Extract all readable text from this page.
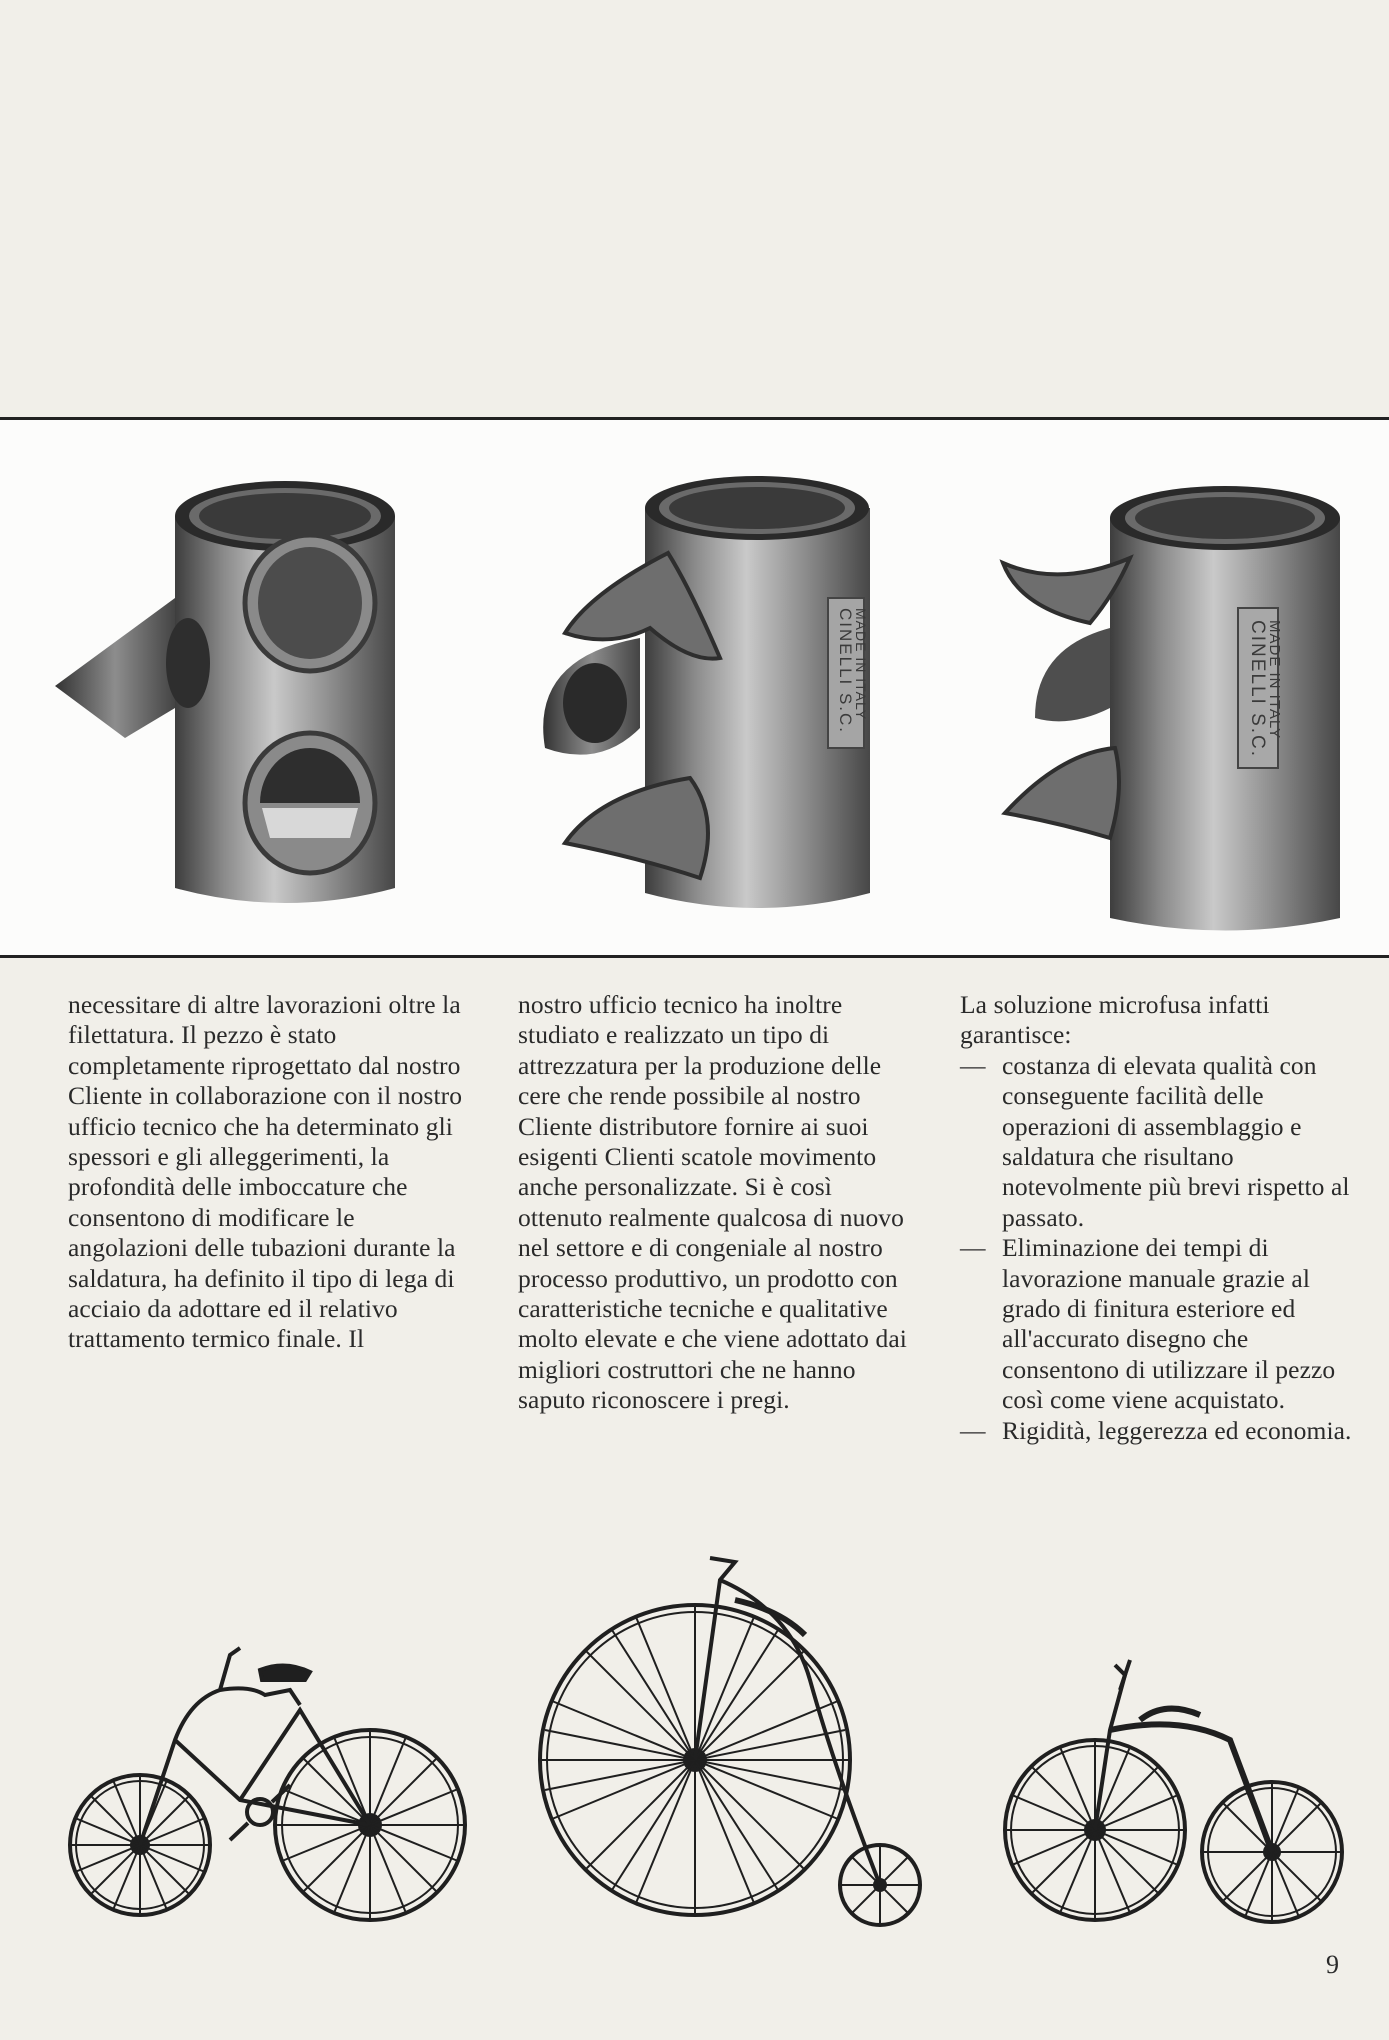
CINELLI S.C.
MADE IN ITALY	CINELLI S.C.
MADE IN ITALY

necessitare di altre lavorazioni oltre la filettatura. Il pezzo è stato completamente riprogettato dal nostro Cliente in collaborazione con il nostro ufficio tecnico che ha determinato gli spessori e gli alleggerimenti, la profondità delle imboccature che consentono di modificare le angolazioni delle tubazioni durante la saldatura, ha definito il tipo di lega di acciaio da adottare ed il relativo trattamento termico finale. Il

nostro ufficio tecnico ha inoltre studiato e realizzato un tipo di attrezzatura per la produzione delle cere che rende possibile al nostro Cliente distributore fornire ai suoi esigenti Clienti scatole movimento anche personalizzate. Si è così ottenuto realmente qualcosa di nuovo nel settore e di congeniale al nostro processo produttivo, un prodotto con caratteristiche tecniche e qualitative molto elevate e che viene adottato dai migliori costruttori che ne hanno saputo riconoscere i pregi.

La soluzione microfusa infatti garantisce:

— costanza di elevata qualità con conseguente facilità delle operazioni di assemblaggio e saldatura che risultano notevolmente più brevi rispetto al passato.
— Eliminazione dei tempi di lavorazione manuale grazie al grado di finitura esteriore ed all'accurato disegno che consentono di utilizzare il pezzo così come viene acquistato.
— Rigidità, leggerezza ed economia.
9
